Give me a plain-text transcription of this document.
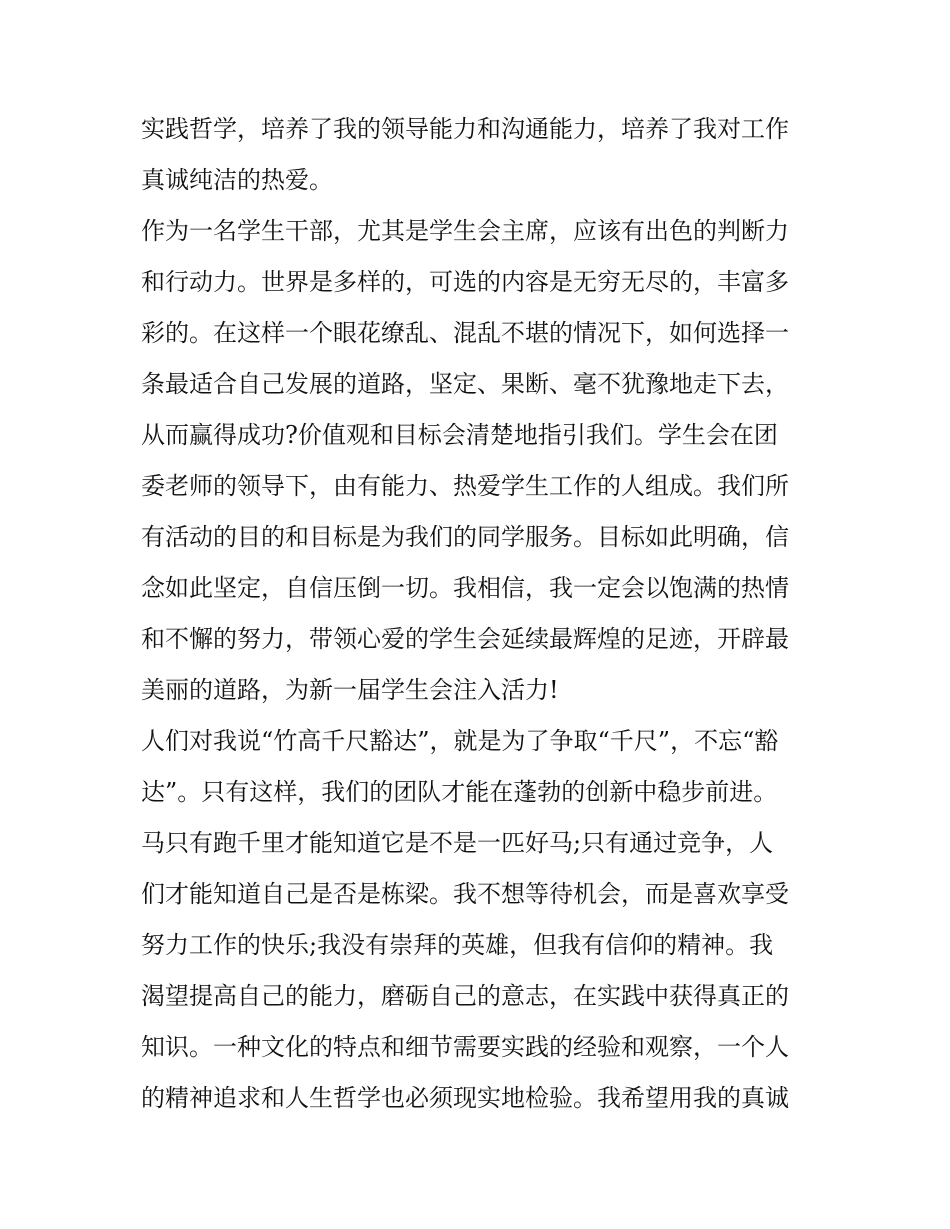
实践哲学，培养了我的领导能力和沟通能力，培养了我对工作
真诚纯洁的热爱。
作为一名学生干部，尤其是学生会主席，应该有出色的判断力
和行动力。世界是多样的，可选的内容是无穷无尽的，丰富多
彩的。在这样一个眼花缭乱、混乱不堪的情况下，如何选择一
条最适合自己发展的道路，坚定、果断、毫不犹豫地走下去，
从而赢得成功?价值观和目标会清楚地指引我们。学生会在团
委老师的领导下，由有能力、热爱学生工作的人组成。我们所
有活动的目的和目标是为我们的同学服务。目标如此明确，信
念如此坚定，自信压倒一切。我相信，我一定会以饱满的热情
和不懈的努力，带领心爱的学生会延续最辉煌的足迹，开辟最
美丽的道路，为新一届学生会注入活力!
人们对我说“竹高千尺豁达”，就是为了争取“千尺”，不忘“豁
达”。只有这样，我们的团队才能在蓬勃的创新中稳步前进。
马只有跑千里才能知道它是不是一匹好马;只有通过竞争，人
们才能知道自己是否是栋梁。我不想等待机会，而是喜欢享受
努力工作的快乐;我没有崇拜的英雄，但我有信仰的精神。我
渴望提高自己的能力，磨砺自己的意志，在实践中获得真正的
知识。一种文化的特点和细节需要实践的经验和观察，一个人
的精神追求和人生哲学也必须现实地检验。我希望用我的真诚
